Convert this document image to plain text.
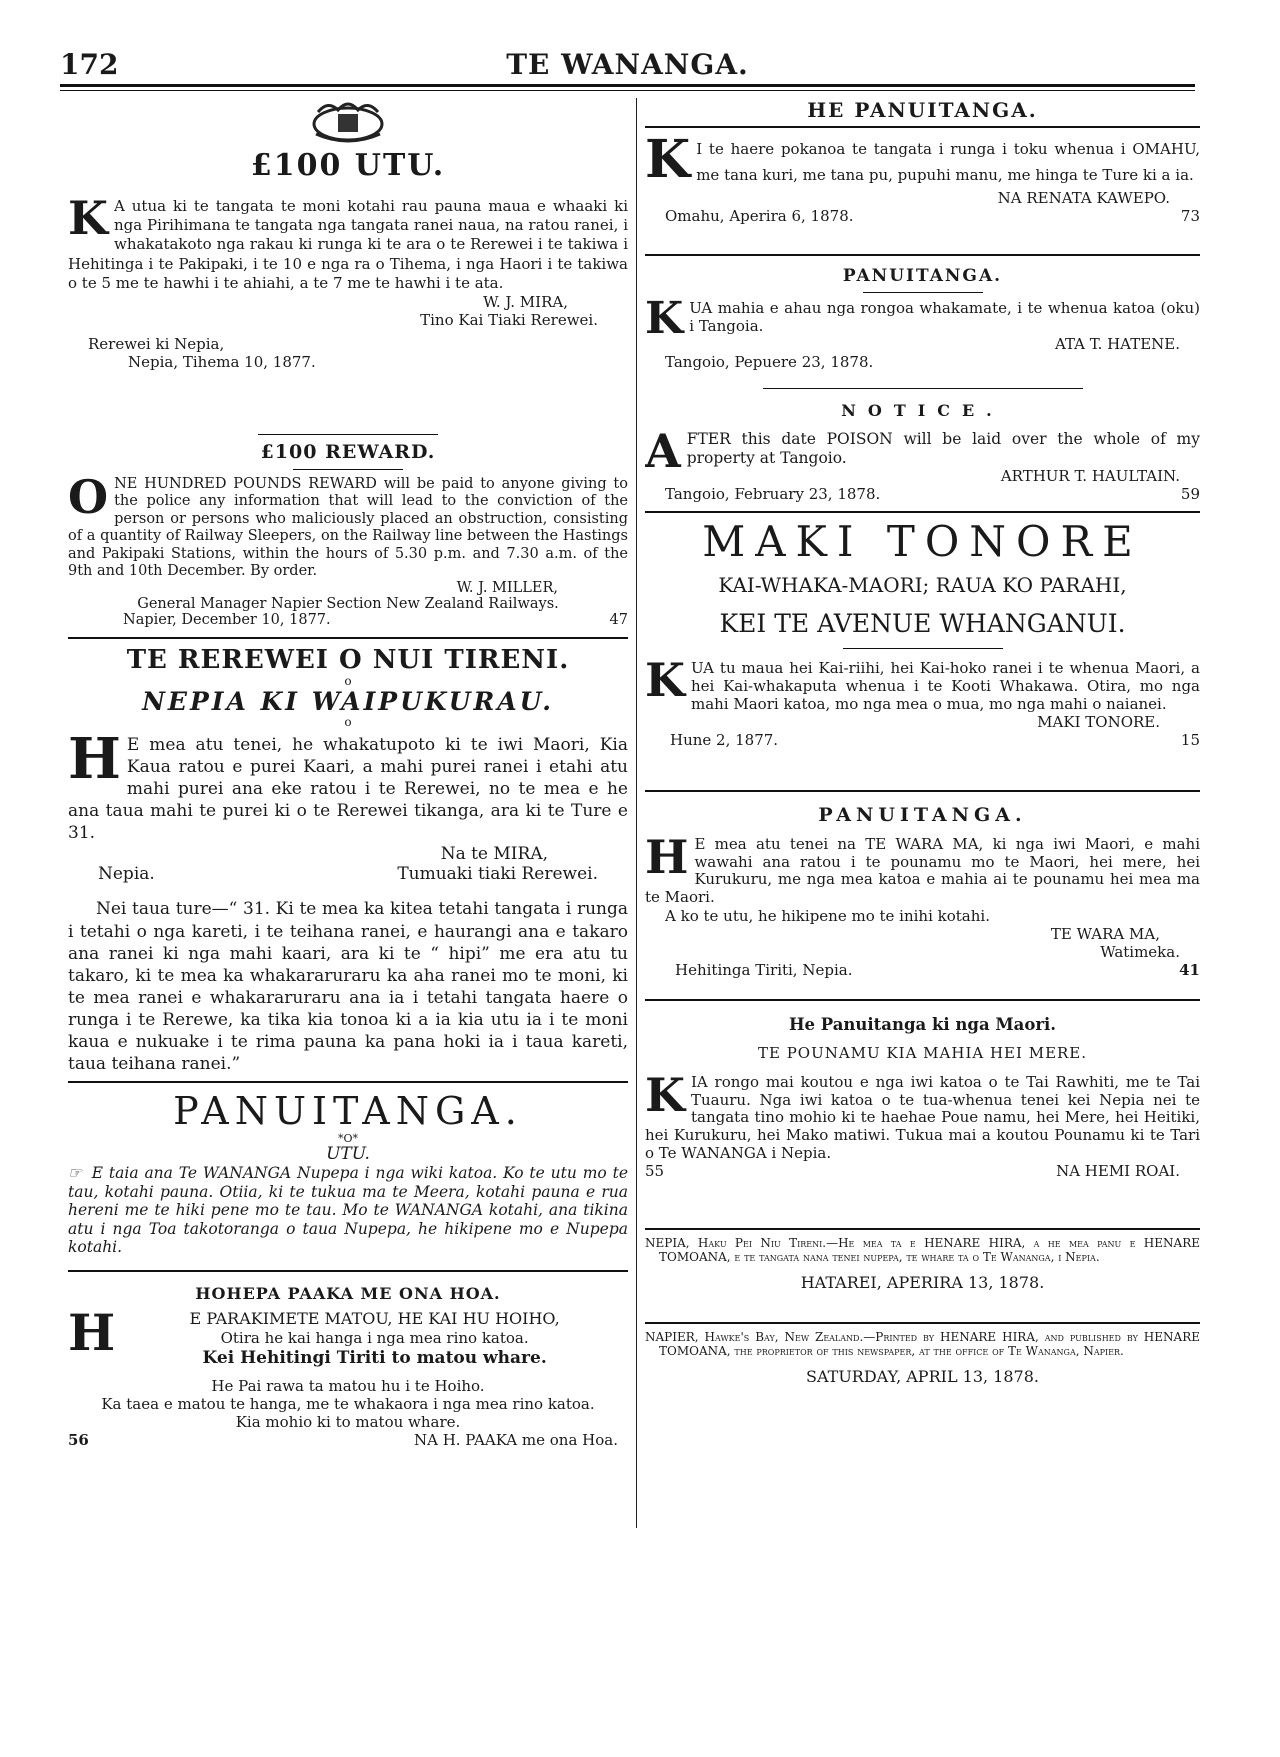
172	TE WANANGA.
£100 UTU.
K A utua ki te tangata te moni kotahi rau pauna maua e whaaki ki nga Pirihimana te tangata nga tangata ranei naua, na ratou ranei, i whakatakoto nga rakau ki runga ki te ara o te Rerewei i te takiwa i Hehitinga i te Pakipaki, i te 10 e nga ra o Tihema, i nga Haori i te takiwa o te 5 me te hawhi i te ahiahi, a te 7 me te hawhi i te ata.
W. J. MIRA,
Tino Kai Tiaki Rerewei.
Rerewei ki Nepia,
Nepia, Tihema 10, 1877.
£100 REWARD.
O NE HUNDRED POUNDS REWARD will be paid to anyone giving to the police any information that will lead to the conviction of the person or persons who maliciously placed an obstruction, consisting of a quantity of Railway Sleepers, on the Railway line between the Hastings and Pakipaki Stations, within the hours of 5.30 p.m. and 7.30 a.m. of the 9th and 10th December. By order.
W. J. MILLER,
General Manager Napier Section New Zealand Railways.
Napier, December 10, 1877.	47
TE REREWEI O NUI TIRENI.
o
NEPIA KI WAIPUKURAU.
o
H E mea atu tenei, he whakatupoto ki te iwi Maori, Kia Kaua ratou e purei Kaari, a mahi purei ranei i etahi atu mahi purei ana eke ratou i te Rerewei, no te mea e he ana taua mahi te purei ki o te Rerewei tikanga, ara ki te Ture e 31.
Na te MIRA,
Nepia.	Tumuaki tiaki Rerewei.
Nei taua ture—“ 31. Ki te mea ka kitea tetahi tangata i runga i tetahi o nga kareti, i te teihana ranei, e haurangi ana e takaro ana ranei ki nga mahi kaari, ara ki te “ hipi” me era atu tu takaro, ki te mea ka whakararuraru ka aha ranei mo te moni, ki te mea ranei e whakararuraru ana ia i tetahi tangata haere o runga i te Rerewe, ka tika kia tonoa ki a ia kia utu ia i te moni kaua e nukuake i te rima pauna ka pana hoki ia i taua kareti, taua teihana ranei.”
PANUITANGA.
*O*
UTU.
☞ E taia ana Te WANANGA Nupepa i nga wiki katoa. Ko te utu mo te tau, kotahi pauna. Otiia, ki te tukua ma te Meera, kotahi pauna e rua hereni me te hiki pene mo te tau. Mo te WANANGA kotahi, ana tikina atu i nga Toa takotoranga o taua Nupepa, he hikipene mo e Nupepa kotahi.
HOHEPA PAAKA ME ONA HOA.
H	E PARAKIMETE MATOU, HE KAI HU HOIHO,
Otira he kai hanga i nga mea rino katoa.
Kei Hehitingi Tiriti to matou whare.
He Pai rawa ta matou hu i te Hoiho.
Ka taea e matou te hanga, me te whakaora i nga mea rino katoa.
Kia mohio ki to matou whare.
56	NA H. PAAKA me ona Hoa.
HE PANUITANGA.
K I te haere pokanoa te tangata i runga i toku whenua i OMAHU, me tana kuri, me tana pu, pupuhi manu, me hinga te Ture ki a ia.
NA RENATA KAWEPO.
Omahu, Aperira 6, 1878.	73
PANUITANGA.
K UA mahia e ahau nga rongoa whakamate, i te whenua katoa (oku) i Tangoia.
ATA T. HATENE.
Tangoio, Pepuere 23, 1878.
NOTICE.
A FTER this date POISON will be laid over the whole of my property at Tangoio.
ARTHUR T. HAULTAIN.
Tangoio, February 23, 1878.	59
MAKI TONORE
KAI-WHAKA-MAORI; RAUA KO PARAHI,
KEI TE AVENUE WHANGANUI.
K UA tu maua hei Kai-riihi, hei Kai-hoko ranei i te whenua Maori, a hei Kai-whakaputa whenua i te Kooti Whakawa. Otira, mo nga mahi Maori katoa, mo nga mea o mua, mo nga mahi o naianei.
MAKI TONORE.
Hune 2, 1877.	15
PANUITANGA.
H E mea atu tenei na TE WARA MA, ki nga iwi Maori, e mahi wawahi ana ratou i te pounamu mo te Maori, hei mere, hei Kurukuru, me nga mea katoa e mahia ai te pounamu hei mea ma te Maori.
A ko te utu, he hikipene mo te inihi kotahi.
TE WARA MA,
Watimeka.
Hehitinga Tiriti, Nepia.	41
He Panuitanga ki nga Maori.
TE POUNAMU KIA MAHIA HEI MERE.
K IA rongo mai koutou e nga iwi katoa o te Tai Rawhiti, me te Tai Tuauru. Nga iwi katoa o te tua-whenua tenei kei Nepia nei te tangata tino mohio ki te haehae Poue namu, hei Mere, hei Heitiki, hei Kurukuru, hei Mako matiwi. Tukua mai a koutou Pounamu ki te Tari o Te WANANGA i Nepia.
55	NA HEMI ROAI.
NEPIA, Haku Pei Niu Tireni.—He mea ta e HENARE HIRA, a he mea panu e HENARE TOMOANA, e te tangata nana tenei nupepa, te whare ta o Te Wananga, i Nepia.
HATAREI, APERIRA 13, 1878.
NAPIER, Hawke's Bay, New Zealand.—Printed by HENARE HIRA, and published by HENARE TOMOANA, the proprietor of this newspaper, at the office of Te Wananga, Napier.
SATURDAY, APRIL 13, 1878.
